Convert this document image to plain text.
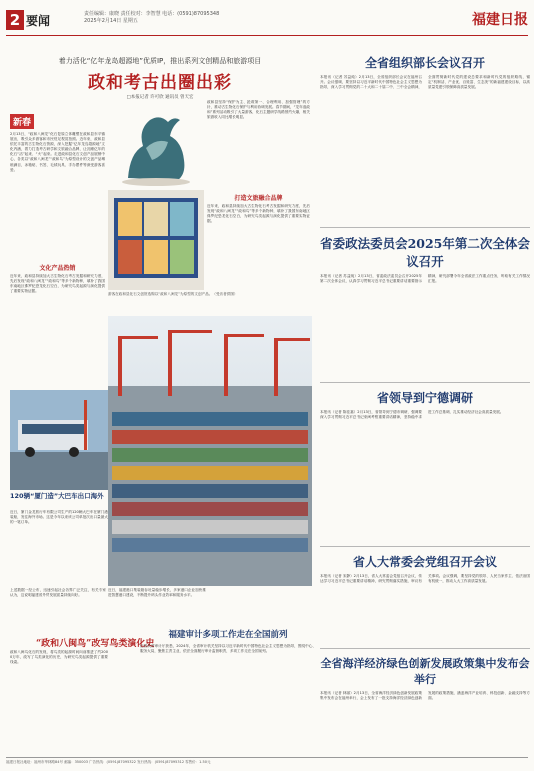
2 要闻	责任编辑：康晓 责任校对：李智慧 电话：(0591)87095348
2025年2月14日 星期五	福建日报
着力活化“亿年龙岛超源地”优质IP，推出系列文创精品和旅游项目
政和考古出圈出彩
□本报记者 许可欣 通讯员 曾天宏
新春
2月13日，“政和八闽龙”化石复原立体雕塑在政和县东平镇展出，吸引众多游客和市民驻足观赏拍照。近年来，政和县依托丰富的古生物化石资源，深入挖掘“亿年龙岛超源地”文化内涵，着力打造考古研学和文旅融合品牌，让沉睡亿年的化石“活”起来、“火”起来。走进政和县化石文创产品展销中心，各类以“政和八闽龙”“政和鸟”为原型设计的文创产品琳琅满目，冰箱贴、书签、毛绒玩具、手办摆件等深受游客喜爱。
文化产品热销
近年来，政和县持续加大古生物化石考古发掘和研究力度，先后发现“政和八闽龙”“政和鸟”等多个新物种，填补了我国东南地区侏罗纪恐龙化石空白，为研究鸟类起源与演化提供了重要实物证据。
游客在政和县化石文创馆选购以“政和八闽龙”为原型的文创产品。（受访者供图）
政和县坚持“保护为主、抢救第一、合理利用、加强管理”的方针，推动古生物化石保护与利用协调发展。春节期间，“龙年逛政和”系列活动吸引了大量游客，化石主题研学线路预约火爆，相关旅游收入同比增长明显。
打造文旅融合品牌
近年来，政和县持续加大古生物化石考古发掘和研究力度，先后发现“政和八闽龙”“政和鸟”等多个新物种，填补了我国东南地区侏罗纪恐龙化石空白，为研究鸟类起源与演化提供了重要实物证据。
120辆“厦门造”大巴车出口海外
近日，厦门金龙旅行车有限公司生产的120辆大巴车在厦门港装船，发往海外市场。这是今年以来该公司单批次出口量最大的一笔订单。
近日，福建港口集装箱吞吐量稳步增长，多家港口企业加快推进智慧港口建设，不断提升码头作业效率和服务水平。
上述数据一经公布，迅速引起社会各界广泛关注，有关专家认为，这说明福建省外贸发展质量持续向好。
“政和八闽鸟”改写鸟类演化史
政和八闽鸟化石的发现，将鸟类的起源时间向前推进了约2000万年，改写了鸟类演化的历史，为研究鸟类起源提供了重要线索。
福建审计多项工作走在全国前列
记者从省审计厅获悉，2024年，全省审计机关坚持以习近平新时代中国特色社会主义思想为指导，围绕中心、服务大局，聚焦主责主业，依法全面履行审计监督职责，多项工作走在全国前列。
全省组织部长会议召开
本报讯（记者 苏益纯）2月13日，全省组织部长会议在福州召开。会议强调，要坚持以习近平新时代中国特色社会主义思想为指导，深入学习贯彻党的二十大和二十届二中、三中全会精神，全面贯彻新时代党的建设总要求和新时代党的组织路线，锚定“机制活、产业优、百姓富、生态美”的新福建建设目标，以高质量党建引领保障高质量发展。
省委政法委员会2025年第二次全体会议召开
本报讯（记者 苏益纯）2月13日，省委政法委员会召开2025年第二次全体会议，认真学习贯彻习近平总书记重要讲话重要指示精神，研究部署今年全省政法工作重点任务，听取有关工作情况汇报。
省领导到宁德调研
本报讯（记者 陈佳嘉）2月13日，省领导到宁德市调研，强调要深入学习贯彻习近平总书记来闽考察重要讲话精神，坚持稳中求进工作总基调，扎实推动经济社会高质量发展。
省人大常委会党组召开会议
本报讯（记者 宋静）2月13日，省人大常委会党组召开会议，传达学习习近平总书记重要讲话精神，研究贯彻落实措施，审议有关事项。会议强调，要坚持党的领导、人民当家作主、依法治国有机统一，推动人大工作高质量发展。
全省海洋经济绿色创新发展政策集中发布会举行
本报讯（记者 林丽）2月13日，全省海洋经济绿色创新发展政策集中发布会在福州举行，会上发布了一批支持海洋经济绿色创新发展的政策措施，涵盖海洋产业培育、科技创新、金融支持等方面。
福建日报社地址：福州市华林路84号 邮编：350003 广告热线：(0591)87095322 发行热线：(0591)87095312 零售价：1.50元
